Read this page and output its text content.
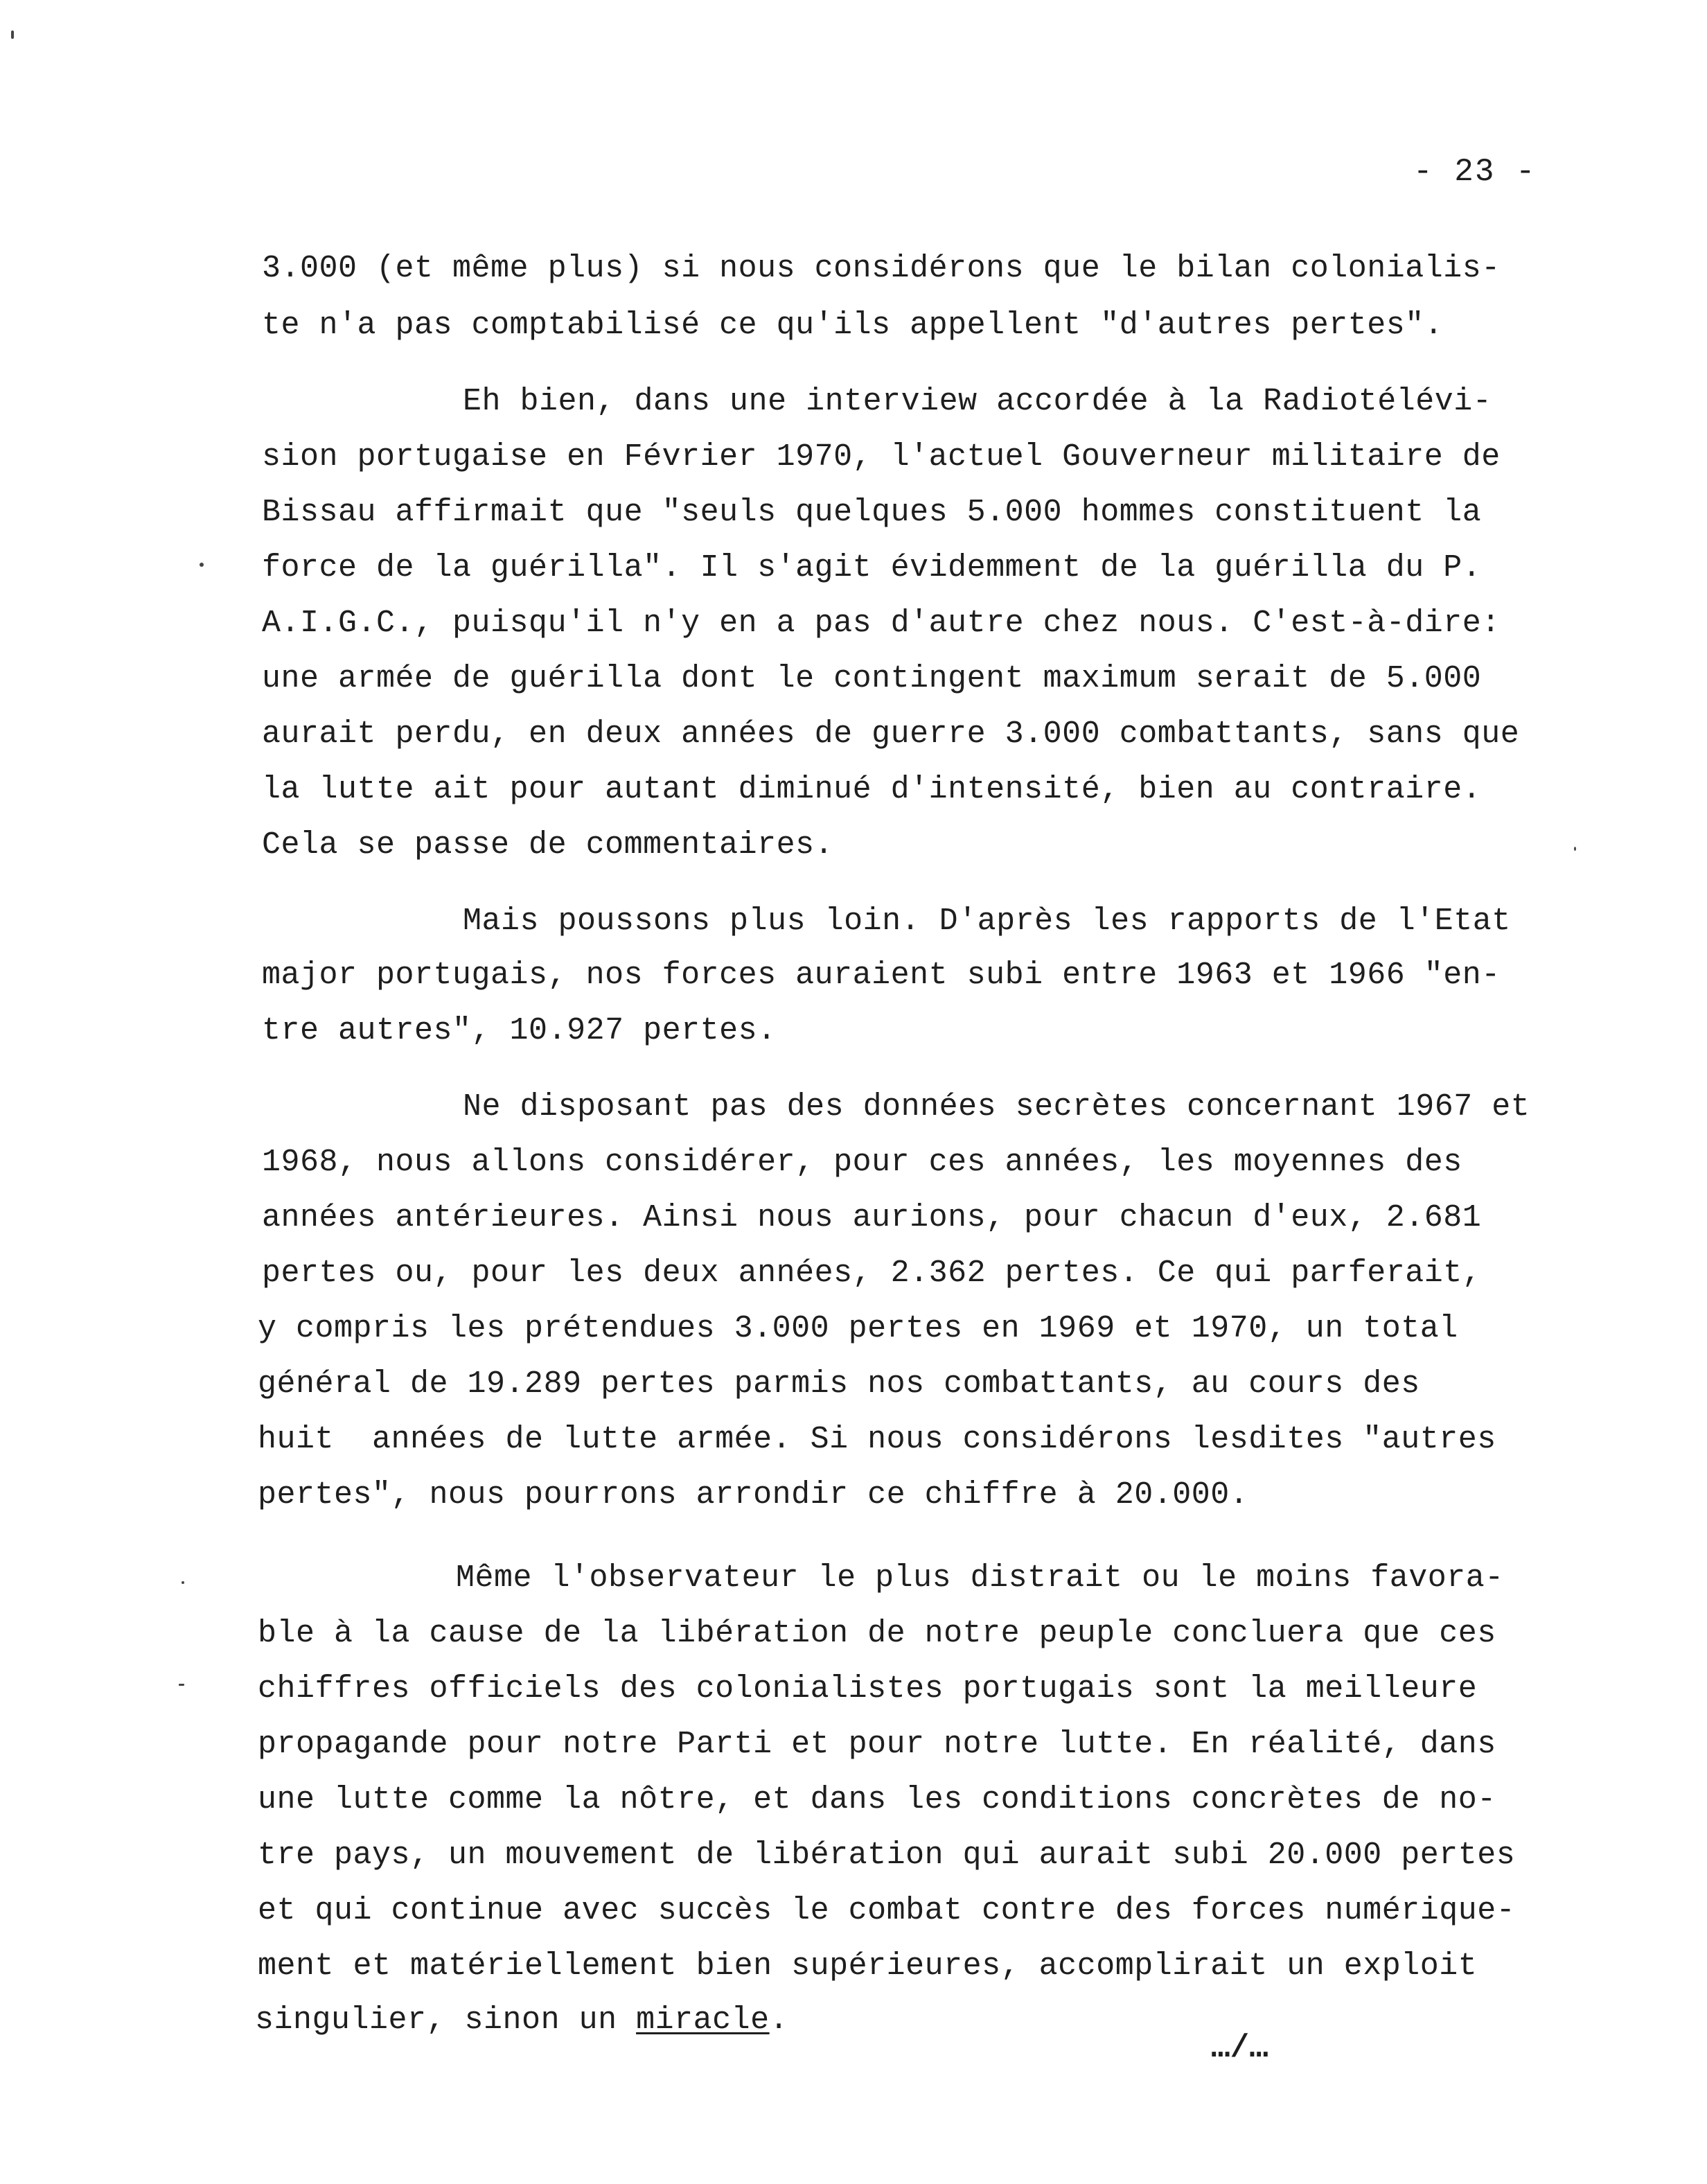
- 23 -
3.000 (et même plus) si nous considérons que le bilan colonialis-
te n'a pas comptabilisé ce qu'ils appellent "d'autres pertes".
Eh bien, dans une interview accordée à la Radiotélévi-
sion portugaise en Février 1970, l'actuel Gouverneur militaire de
Bissau affirmait que "seuls quelques 5.000 hommes constituent la
force de la guérilla". Il s'agit évidemment de la guérilla du P.
A.I.G.C., puisqu'il n'y en a pas d'autre chez nous. C'est-à-dire:
une armée de guérilla dont le contingent maximum serait de 5.000
aurait perdu, en deux années de guerre 3.000 combattants, sans que
la lutte ait pour autant diminué d'intensité, bien au contraire.
Cela se passe de commentaires.
Mais poussons plus loin. D'après les rapports de l'Etat
major portugais, nos forces auraient subi entre 1963 et 1966 "en-
tre autres", 10.927 pertes.
Ne disposant pas des données secrètes concernant 1967 et
1968, nous allons considérer, pour ces années, les moyennes des
années antérieures. Ainsi nous aurions, pour chacun d'eux, 2.681
pertes ou, pour les deux années, 2.362 pertes. Ce qui parferait,
y compris les prétendues 3.000 pertes en 1969 et 1970, un total
général de 19.289 pertes parmis nos combattants, au cours des
huit  années de lutte armée. Si nous considérons lesdites "autres
pertes", nous pourrons arrondir ce chiffre à 20.000.
Même l'observateur le plus distrait ou le moins favora-
ble à la cause de la libération de notre peuple concluera que ces
chiffres officiels des colonialistes portugais sont la meilleure
propagande pour notre Parti et pour notre lutte. En réalité, dans
une lutte comme la nôtre, et dans les conditions concrètes de no-
tre pays, un mouvement de libération qui aurait subi 20.000 pertes
et qui continue avec succès le combat contre des forces numérique-
ment et matériellement bien supérieures, accomplirait un exploit
singulier, sinon un miracle.
…/…
